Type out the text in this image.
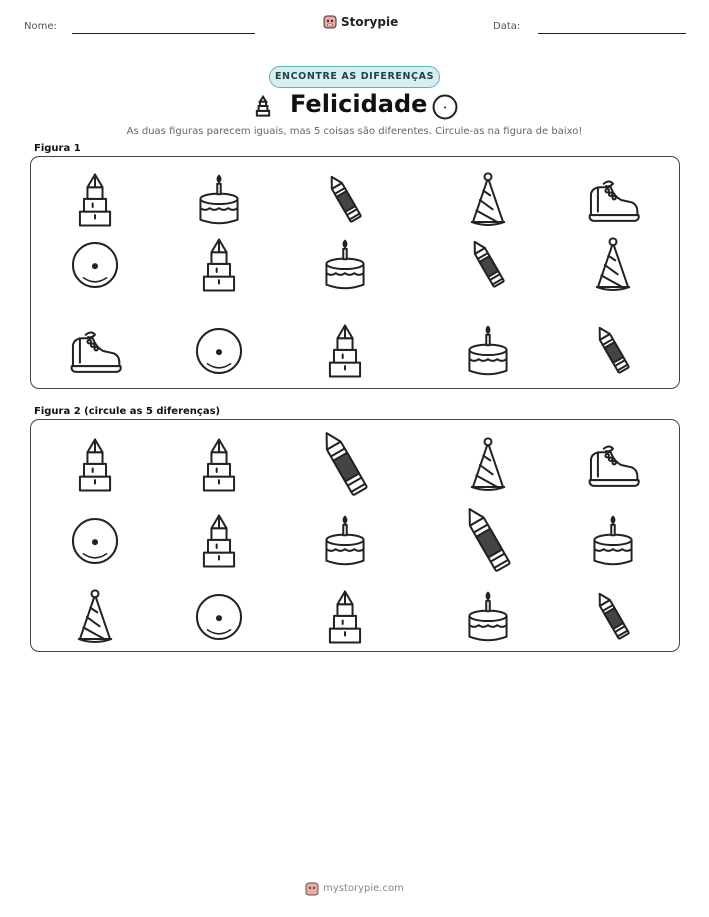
Nome:	Storypie	Data:
ENCONTRE AS DIFERENÇAS
Felicidade
As duas figuras parecem iguais, mas 5 coisas são diferentes. Circule-as na figura de baixo!
Figura 1
Figura 2 (circule as 5 diferenças)
mystorypie.com
